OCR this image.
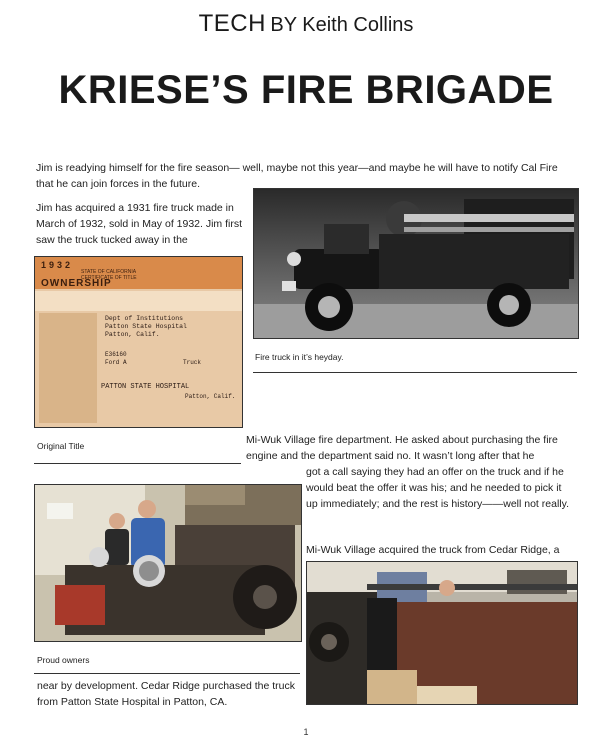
TECH BY Keith Collins
KRIESE’S FIRE BRIGADE
Jim is readying himself for the fire season— well, maybe not this year—and maybe he will have to notify Cal Fire that he can join forces in the future.
Jim has acquired a 1931 fire truck made in March of 1932, sold in May of 1932. Jim first saw the truck tucked away in the
Fire truck in it’s heyday.
1932
STATE OF CALIFORNIA
CERTIFICATE OF TITLE
OWNERSHIP
Dept of Institutions
Patton State Hospital
Patton, Calif.
E36160
Ford A	Truck
PATTON STATE HOSPITAL
Patton, Calif.
Original Title	Mi-Wuk Village fire department. He asked about purchasing the fire engine and the department said no. It wasn’t long after that he
got a call saying they had an offer on the truck and if he would beat the offer it was his; and he needed to pick it up immediately; and the rest is history——well not really.
Mi-Wuk Village acquired the truck from Cedar Ridge, a
Proud owners
near by development. Cedar Ridge purchased the truck from Patton State Hospital in Patton, CA.
1
